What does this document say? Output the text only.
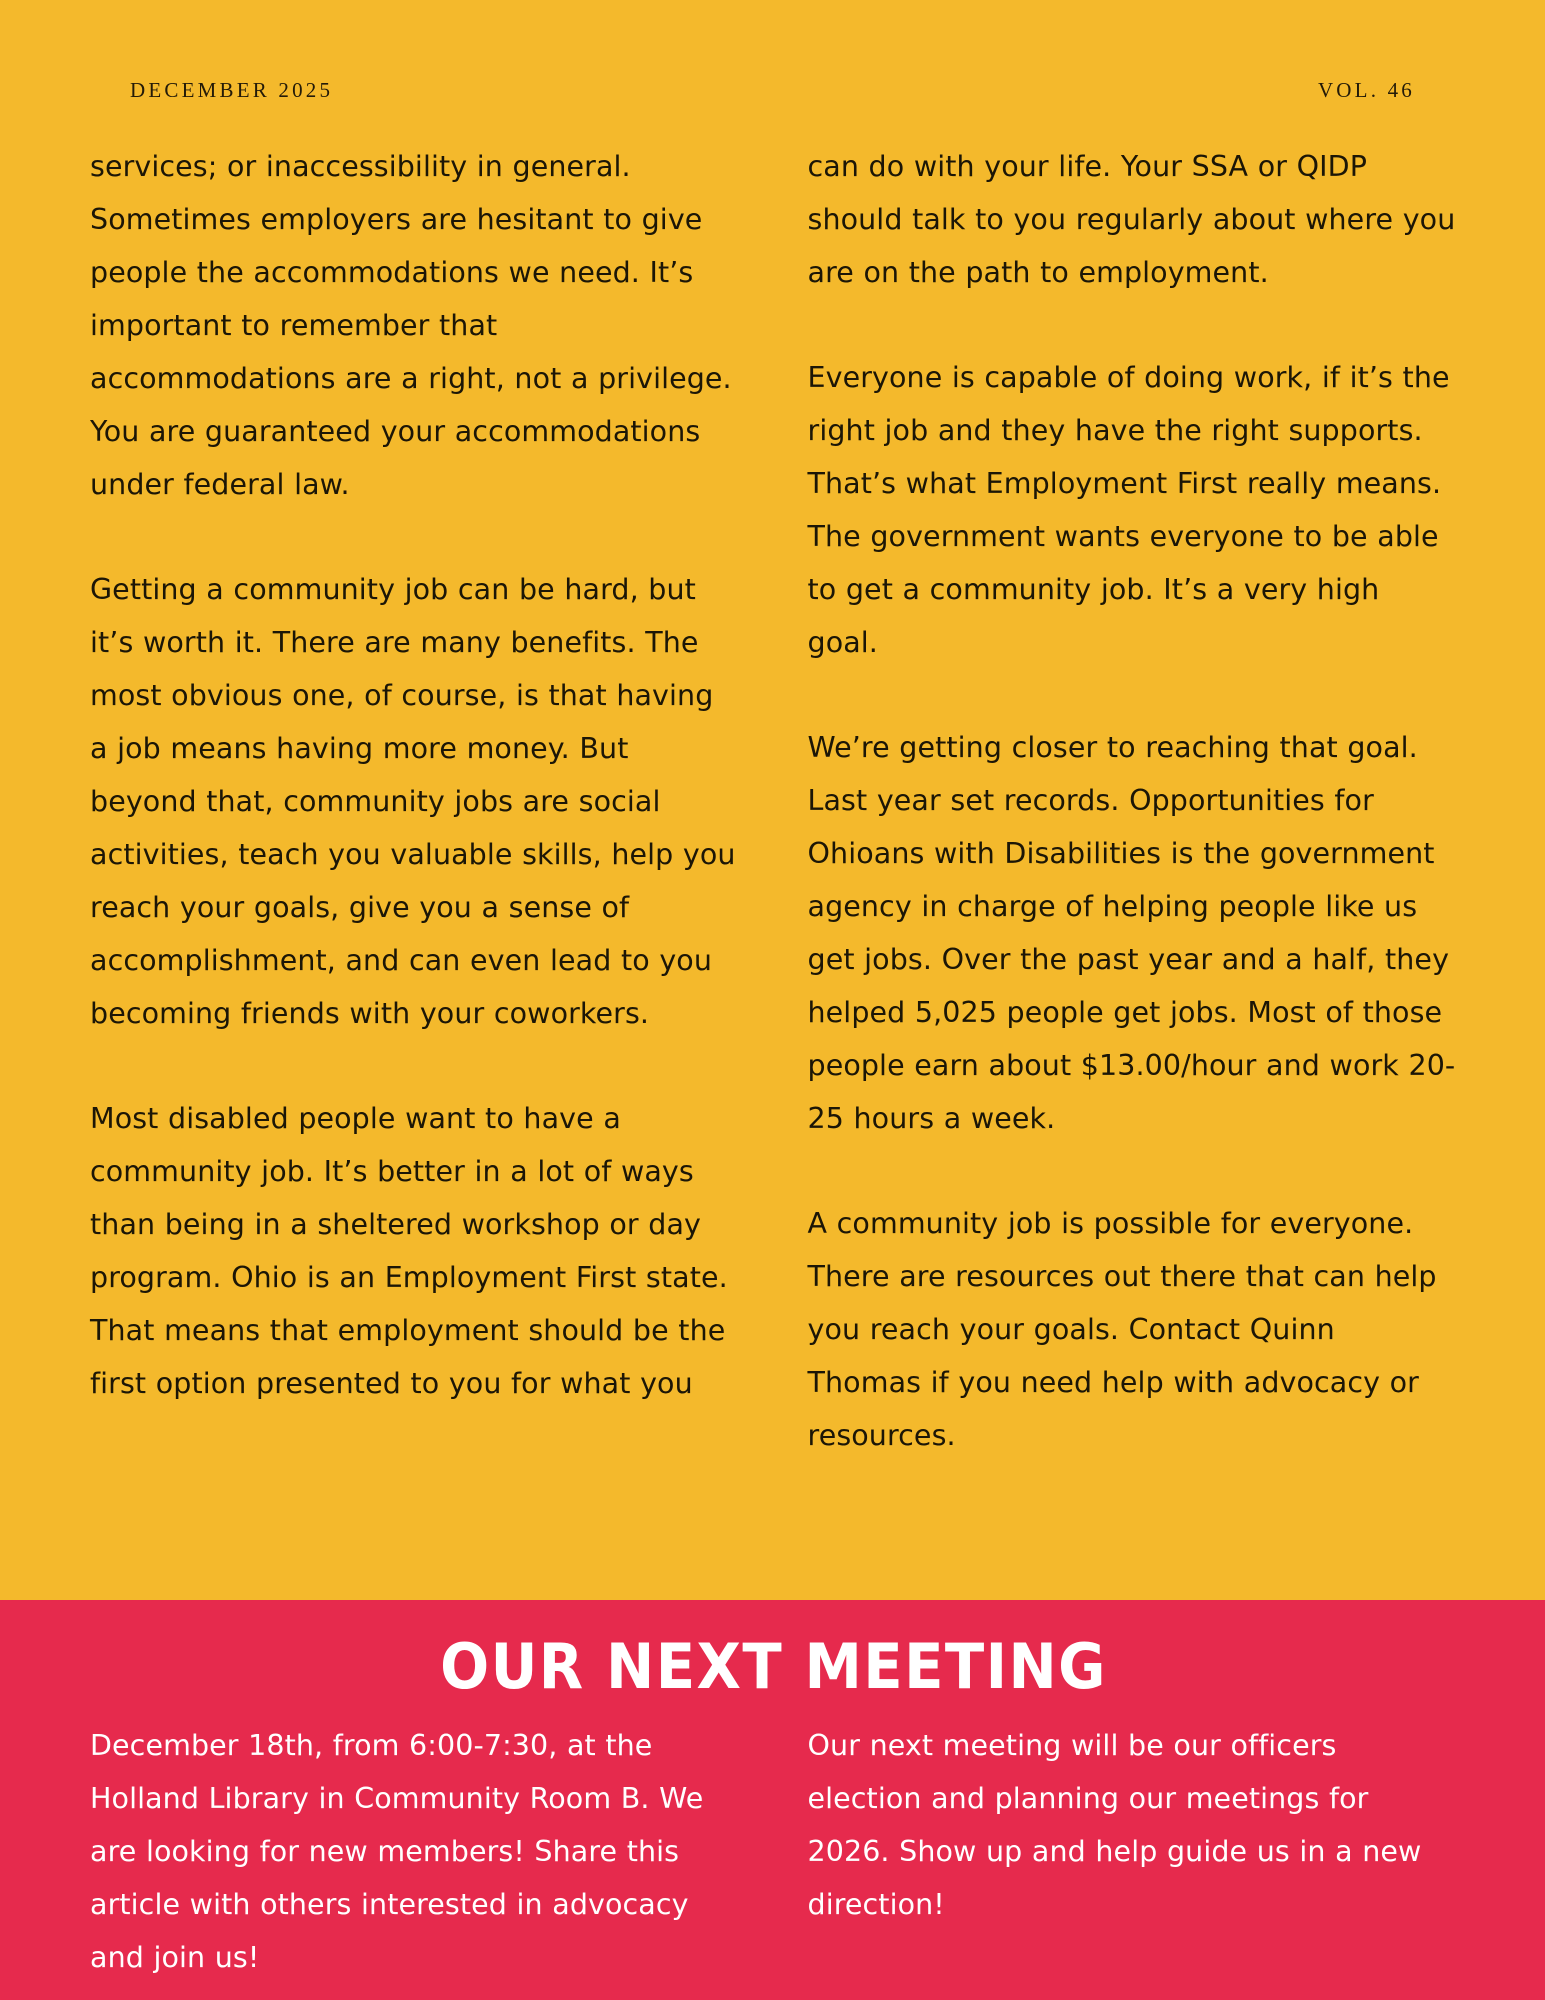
DECEMBER 2025	VOL. 46

services; or inaccessibility in general. Sometimes employers are hesitant to give people the accommodations we need. It’s important to remember that accommodations are a right, not a privilege. You are guaranteed your accommodations under federal law.

Getting a community job can be hard, but it’s worth it. There are many benefits. The most obvious one, of course, is that having a job means having more money. But beyond that, community jobs are social activities, teach you valuable skills, help you reach your goals, give you a sense of accomplishment, and can even lead to you becoming friends with your coworkers.

Most disabled people want to have a community job. It’s better in a lot of ways than being in a sheltered workshop or day program. Ohio is an Employment First state. That means that employment should be the first option presented to you for what you

can do with your life. Your SSA or QIDP should talk to you regularly about where you are on the path to employment.

Everyone is capable of doing work, if it’s the right job and they have the right supports. That’s what Employment First really means. The government wants everyone to be able to get a community job. It’s a very high goal.

We’re getting closer to reaching that goal. Last year set records. Opportunities for Ohioans with Disabilities is the government agency in charge of helping people like us get jobs. Over the past year and a half, they helped 5,025 people get jobs. Most of those people earn about $13.00/hour and work 20-25 hours a week.

A community job is possible for everyone. There are resources out there that can help you reach your goals. Contact Quinn Thomas if you need help with advocacy or resources.

OUR NEXT MEETING

December 18th, from 6:00-7:30, at the Holland Library in Community Room B. We are looking for new members! Share this article with others interested in advocacy and join us!

Our next meeting will be our officers election and planning our meetings for 2026. Show up and help guide us in a new direction!
